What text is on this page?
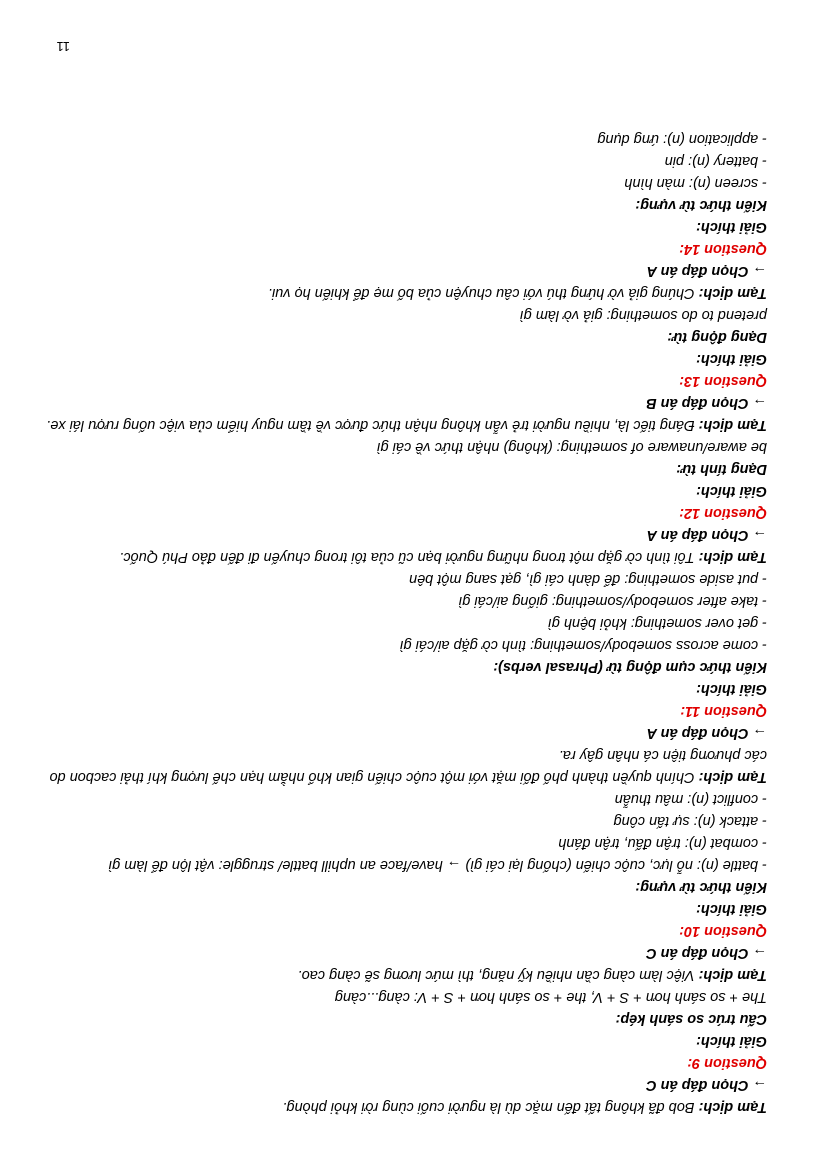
Tạm dịch: Bob đã không tất đến mặc dù là người cuối cùng rời khỏi phòng.
→ Chọn đáp án C
Question 9:
Giải thích:
Cấu trúc so sánh kép:
The + so sánh hơn + S + V, the + so sánh hơn + S + V: càng...càng
Tạm dịch: Việc làm càng cần nhiều kỹ năng, thì mức lương sẽ càng cao.
→ Chọn đáp án C
Question 10:
Giải thích:
Kiến thức từ vựng:
- battle (n): nỗ lực, cuộc chiến (chống lại cái gì) → have/face an uphill battle/ struggle: vật lộn để làm gì
- combat (n): trận đấu, trận đánh
- attack (n): sự tấn công
- conflict (n): mâu thuẫn
Tạm dịch: Chính quyền thành phố đối mặt với một cuộc chiến gian khổ nhằm hạn chế lượng khí thải cacbon do các phương tiện cá nhân gây ra.
→ Chọn đáp án A
Question 11:
Giải thích:
Kiến thức cụm động từ (Phrasal verbs):
- come across somebody/something: tình cờ gặp ai/cái gì
- get over something: khỏi bệnh gì
- take after somebody/something: giống ai/cái gì
- put aside something: để dành cái gì, gạt sang một bên
Tạm dịch: Tôi tình cờ gặp một trong những người bạn cũ của tôi trong chuyến đi đến đảo Phú Quốc.
→ Chọn đáp án A
Question 12:
Giải thích:
Dạng tính từ:
be aware/unaware of something: (không) nhận thức về cái gì
Tạm dịch: Đáng tiếc là, nhiều người trẻ vẫn không nhận thức được về tầm nguy hiểm của việc uống rượu lái xe.
→ Chọn đáp án B
Question 13:
Giải thích:
Dạng động từ:
pretend to do something: giả vờ làm gì
Tạm dịch: Chúng giả vờ hứng thú với câu chuyện của bố mẹ để khiến họ vui.
→ Chọn đáp án A
Question 14:
Giải thích:
Kiến thức từ vựng:
- screen (n): màn hình
- battery (n): pin
- application (n): ứng dụng
11
